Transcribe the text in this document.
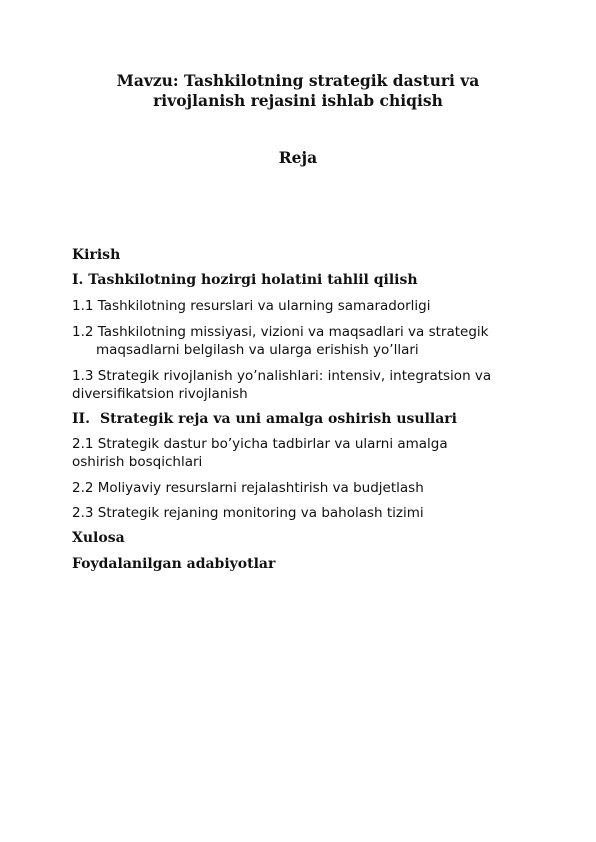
Mavzu: Tashkilotning strategik dasturi va
rivojlanish rejasini ishlab chiqish
Reja
Kirish
I. Tashkilotning hozirgi holatini tahlil qilish
1.1 Tashkilotning resurslari va ularning samaradorligi
1.2 Tashkilotning missiyasi, vizioni va maqsadlari va strategik
maqsadlarni belgilash va ularga erishish yo’llari
1.3 Strategik rivojlanish yo’nalishlari: intensiv, integratsion va
diversifikatsion rivojlanish
II. Strategik reja va uni amalga oshirish usullari
2.1 Strategik dastur bo’yicha tadbirlar va ularni amalga
oshirish bosqichlari
2.2 Moliyaviy resurslarni rejalashtirish va budjetlash
2.3 Strategik rejaning monitoring va baholash tizimi
Xulosa
Foydalanilgan adabiyotlar
